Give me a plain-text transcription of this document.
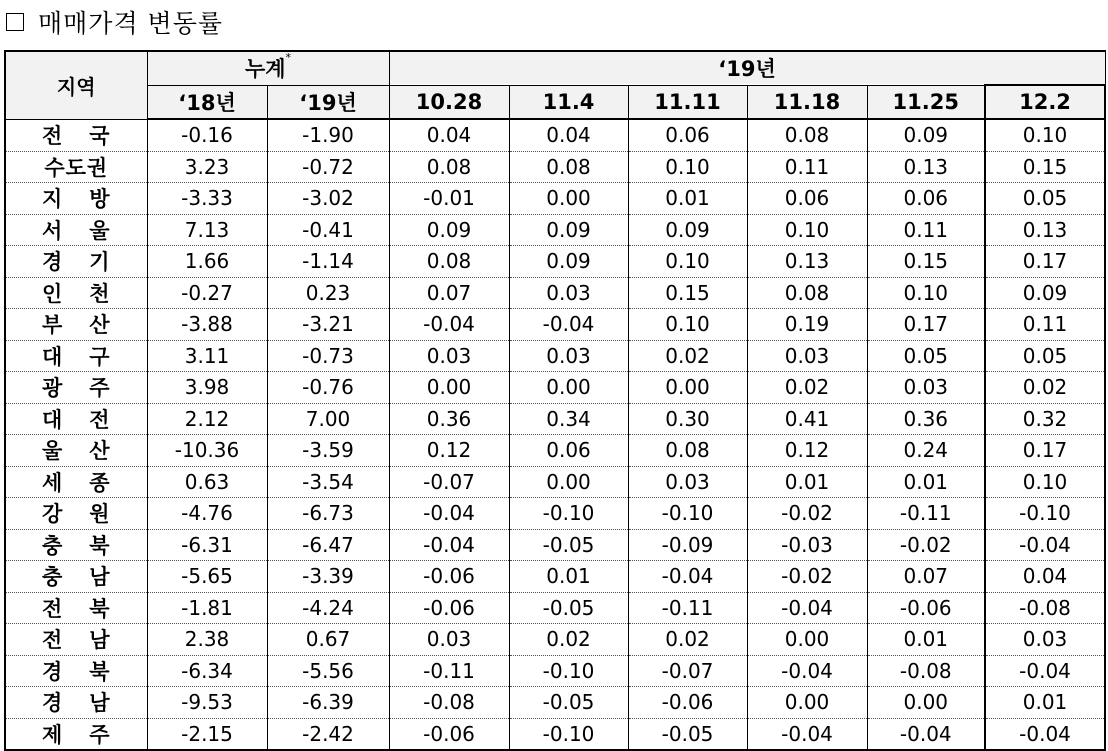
매매가격 변동률
지역	누계*		‘19년					
	‘18년	‘19년	10.28	11.4	11.11	11.18	11.25	12.2

전 국	-0.16	-1.90	0.04	0.04	0.06	0.08	0.09	0.10
수도권	3.23	-0.72	0.08	0.08	0.10	0.11	0.13	0.15

지 방	-3.33	-3.02	-0.01	0.00	0.01	0.06	0.06	0.05

서 울	7.13	-0.41	0.09	0.09	0.09	0.10	0.11	0.13

경 기	1.66	-1.14	0.08	0.09	0.10	0.13	0.15	0.17

인 천	-0.27	0.23	0.07	0.03	0.15	0.08	0.10	0.09

부 산	-3.88	-3.21	-0.04	-0.04	0.10	0.19	0.17	0.11

대 구	3.11	-0.73	0.03	0.03	0.02	0.03	0.05	0.05

광 주	3.98	-0.76	0.00	0.00	0.00	0.02	0.03	0.02

대 전	2.12	7.00	0.36	0.34	0.30	0.41	0.36	0.32

울 산	-10.36	-3.59	0.12	0.06	0.08	0.12	0.24	0.17

세 종	0.63	-3.54	-0.07	0.00	0.03	0.01	0.01	0.10

강 원	-4.76	-6.73	-0.04	-0.10	-0.10	-0.02	-0.11	-0.10

충 북	-6.31	-6.47	-0.04	-0.05	-0.09	-0.03	-0.02	-0.04

충 남	-5.65	-3.39	-0.06	0.01	-0.04	-0.02	0.07	0.04

전 북	-1.81	-4.24	-0.06	-0.05	-0.11	-0.04	-0.06	-0.08

전 남	2.38	0.67	0.03	0.02	0.02	0.00	0.01	0.03

경 북	-6.34	-5.56	-0.11	-0.10	-0.07	-0.04	-0.08	-0.04

경 남	-9.53	-6.39	-0.08	-0.05	-0.06	0.00	0.00	0.01

제 주	-2.15	-2.42	-0.06	-0.10	-0.05	-0.04	-0.04	-0.04
